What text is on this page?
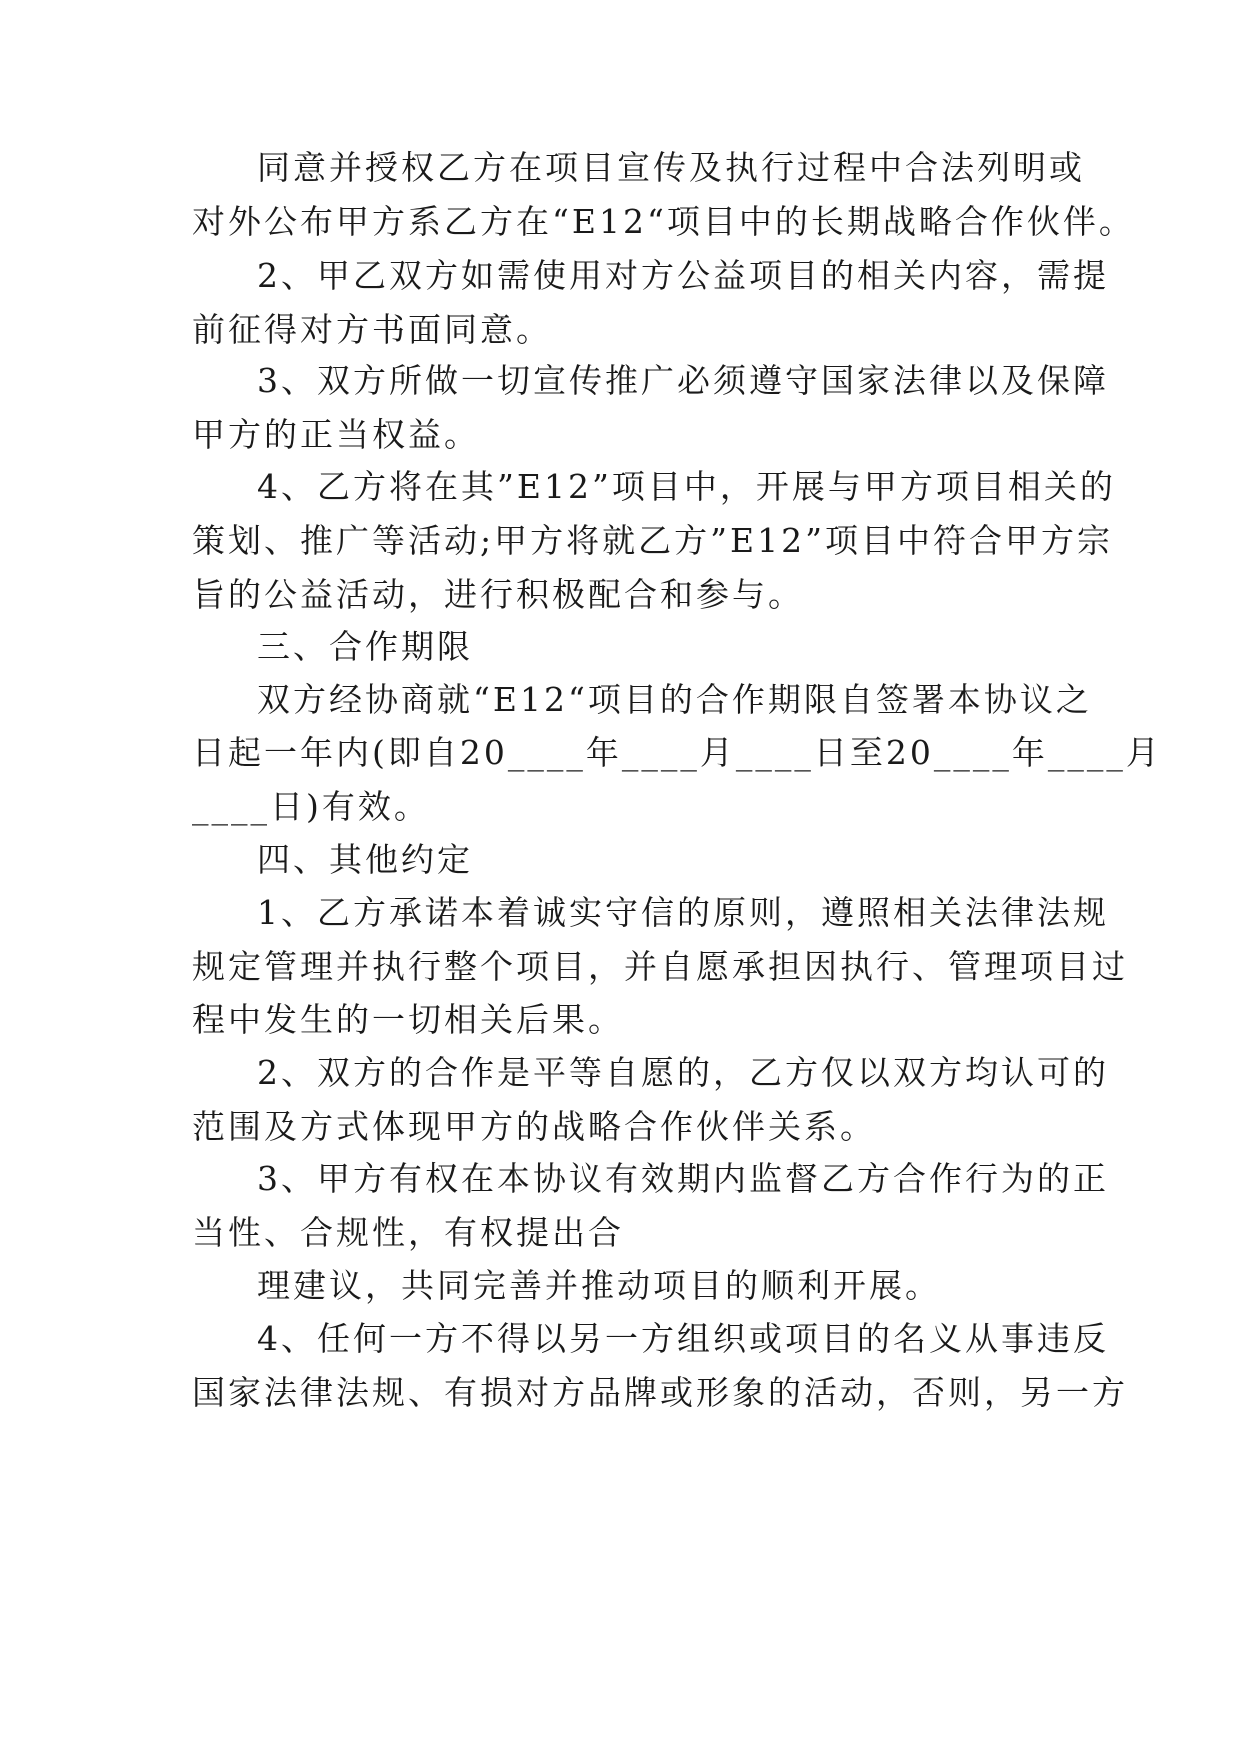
同意并授权乙方在项目宣传及执行过程中合法列明或
对外公布甲方系乙方在“E12“项目中的长期战略合作伙伴。
2、甲乙双方如需使用对方公益项目的相关内容，需提
前征得对方书面同意。
3、双方所做一切宣传推广必须遵守国家法律以及保障
甲方的正当权益。
4、乙方将在其”E12”项目中，开展与甲方项目相关的
策划、推广等活动;甲方将就乙方”E12”项目中符合甲方宗
旨的公益活动，进行积极配合和参与。
三、合作期限
双方经协商就“E12“项目的合作期限自签署本协议之
日起一年内(即自20____年____月____日至20____年____月
____日)有效。
四、其他约定
1、乙方承诺本着诚实守信的原则，遵照相关法律法规
规定管理并执行整个项目，并自愿承担因执行、管理项目过
程中发生的一切相关后果。
2、双方的合作是平等自愿的，乙方仅以双方均认可的
范围及方式体现甲方的战略合作伙伴关系。
3、甲方有权在本协议有效期内监督乙方合作行为的正
当性、合规性，有权提出合
理建议，共同完善并推动项目的顺利开展。
4、任何一方不得以另一方组织或项目的名义从事违反
国家法律法规、有损对方品牌或形象的活动，否则，另一方
